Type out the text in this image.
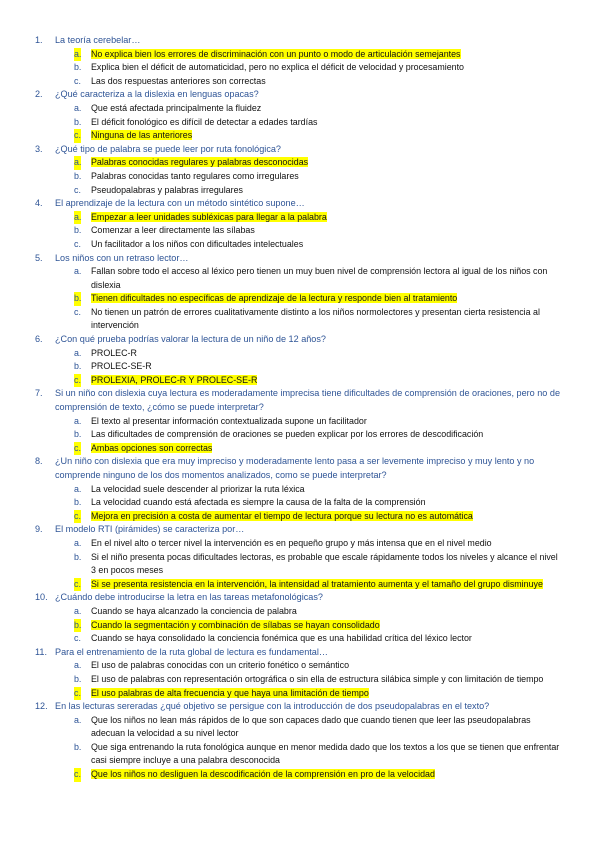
1. La teoría cerebelar…
a. No explica bien los errores de discriminación con un punto o modo de articulación semejantes
b. Explica bien el déficit de automaticidad, pero no explica el déficit de velocidad y procesamiento
c. Las dos respuestas anteriores son correctas
2. ¿Qué caracteriza a la dislexia en lenguas opacas?
a. Que está afectada principalmente la fluidez
b. El déficit fonológico es difícil de detectar a edades tardías
c. Ninguna de las anteriores
3. ¿Qué tipo de palabra se puede leer por ruta fonológica?
a. Palabras conocidas regulares y palabras desconocidas
b. Palabras conocidas tanto regulares como irregulares
c. Pseudopalabras y palabras irregulares
4. El aprendizaje de la lectura con un método sintético supone…
a. Empezar a leer unidades subléxicas para llegar a la palabra
b. Comenzar a leer directamente las sílabas
c. Un facilitador a los niños con dificultades intelectuales
5. Los niños con un retraso lector…
a. Fallan sobre todo el acceso al léxico pero tienen un muy buen nivel de comprensión lectora al igual de los niños con dislexia
b. Tienen dificultades no específicas de aprendizaje de la lectura y responde bien al tratamiento
c. No tienen un patrón de errores cualitativamente distinto a los niños normolectores y presentan cierta resistencia al intervención
6. ¿Con qué prueba podrías valorar la lectura de un niño de 12 años?
a. PROLEC-R
b. PROLEC-SE-R
c. PROLEXIA, PROLEC-R Y PROLEC-SE-R
7. Si un niño con dislexia cuya lectura es moderadamente imprecisa tiene dificultades de comprensión de oraciones, pero no de comprensión de texto, ¿cómo se puede interpretar?
a. El texto al presentar información contextualizada supone un facilitador
b. Las dificultades de comprensión de oraciones se pueden explicar por los errores de descodificación
c. Ambas opciones son correctas
8. ¿Un niño con dislexia que era muy impreciso y moderadamente lento pasa a ser levemente impreciso y muy lento y no comprende ninguno de los dos momentos analizados, como se puede interpretar?
a. La velocidad suele descender al priorizar la ruta léxica
b. La velocidad cuando está afectada es siempre la causa de la falta de la comprensión
c. Mejora en precisión a costa de aumentar el tiempo de lectura porque su lectura no es automática
9. El modelo RTI (pirámides) se caracteriza por…
a. En el nivel alto o tercer nivel la intervención es en pequeño grupo y más intensa que en el nivel medio
b. Si el niño presenta pocas dificultades lectoras, es probable que escale rápidamente todos los niveles y alcance el nivel 3 en pocos meses
c. Si se presenta resistencia en la intervención, la intensidad al tratamiento aumenta y el tamaño del grupo disminuye
10. ¿Cuándo debe introducirse la letra en las tareas metafonológicas?
a. Cuando se haya alcanzado la conciencia de palabra
b. Cuando la segmentación y combinación de sílabas se hayan consolidado
c. Cuando se haya consolidado la conciencia fonémica que es una habilidad crítica del léxico lector
11. Para el entrenamiento de la ruta global de lectura es fundamental…
a. El uso de palabras conocidas con un criterio fonético o semántico
b. El uso de palabras con representación ortográfica o sin ella de estructura silábica simple y con limitación de tiempo
c. El uso palabras de alta frecuencia y que haya una limitación de tiempo
12. En las lecturas sereradas ¿qué objetivo se persigue con la introducción de dos pseudopalabras en el texto?
a. Que los niños no lean más rápidos de lo que son capaces dado que cuando tienen que leer las pseudopalabras adecuan la velocidad a su nivel lector
b. Que siga entrenando la ruta fonológica aunque en menor medida dado que los textos a los que se tienen que enfrentar casi siempre incluye a una palabra desconocida
c. Que los niños no desliguen la descodificación de la comprensión en pro de la velocidad
